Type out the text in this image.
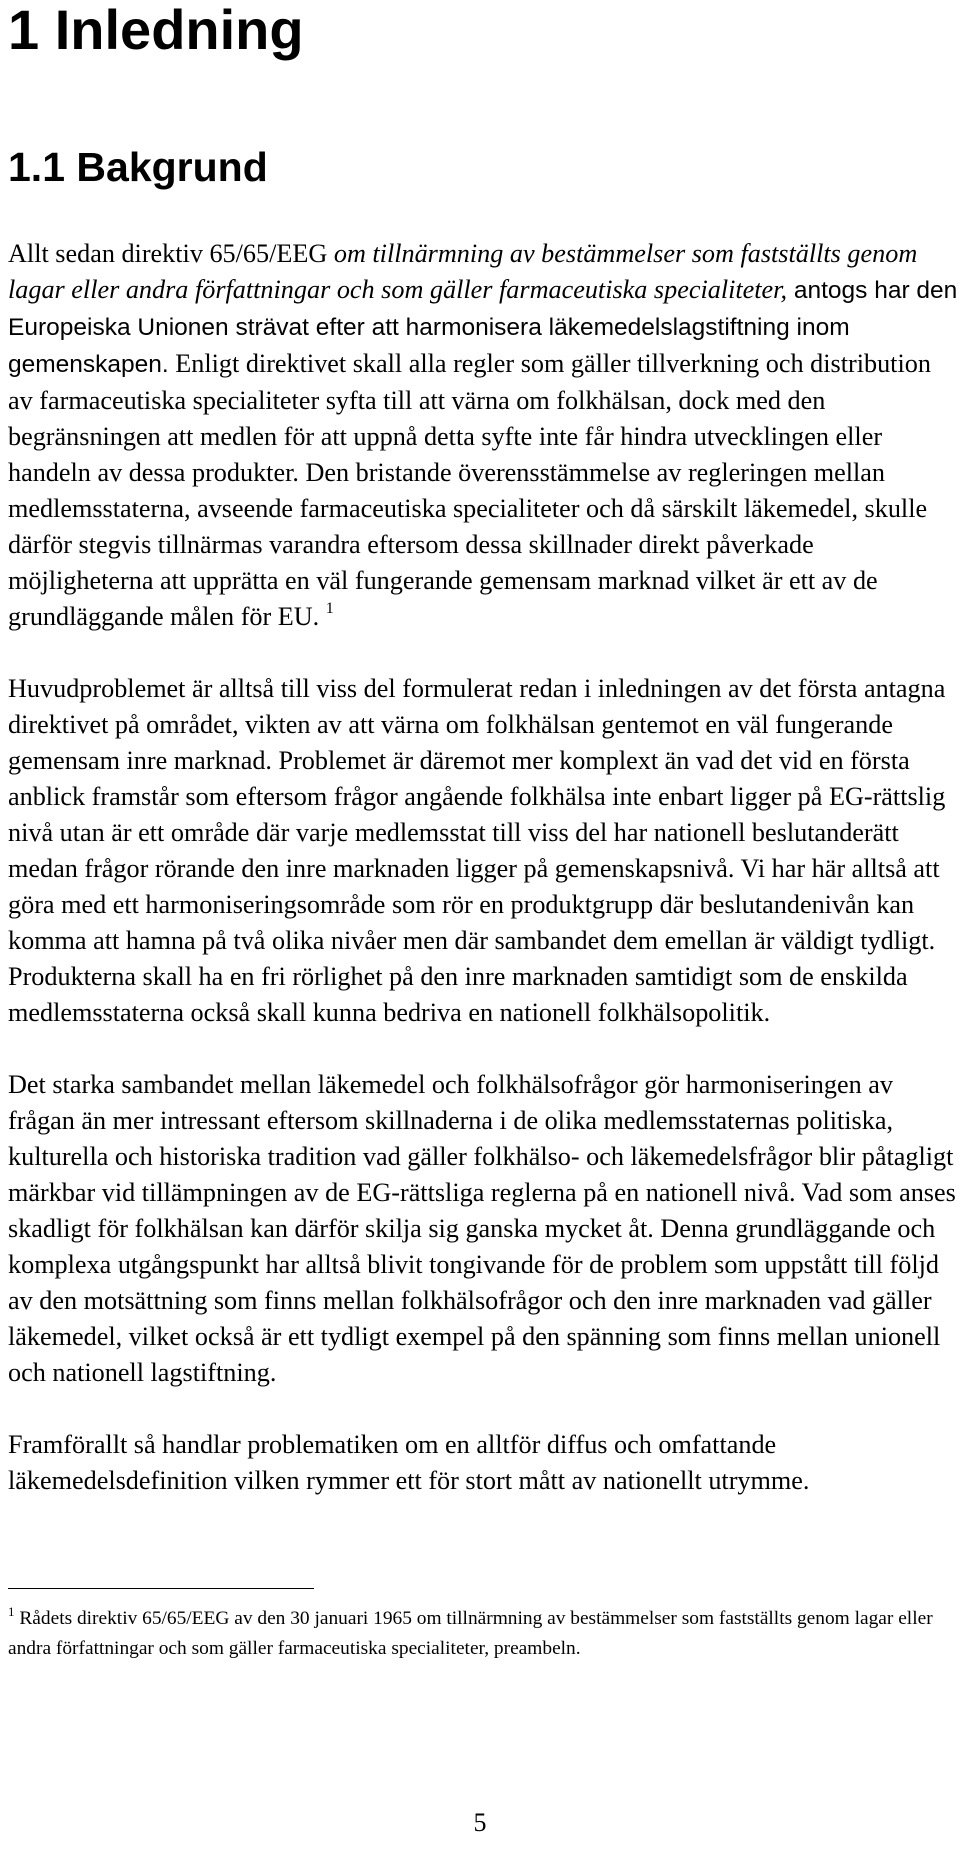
1 Inledning
1.1 Bakgrund

Allt sedan direktiv 65/65/EEG om tillnärmning av bestämmelser som fastställts genom lagar eller andra författningar och som gäller farmaceutiska specialiteter, antogs har den Europeiska Unionen strävat efter att harmonisera läkemedelslagstiftning inom gemenskapen. Enligt direktivet skall alla regler som gäller tillverkning och distribution av farmaceutiska specialiteter syfta till att värna om folkhälsan, dock med den begränsningen att medlen för att uppnå detta syfte inte får hindra utvecklingen eller handeln av dessa produkter. Den bristande överensstämmelse av regleringen mellan medlemsstaterna, avseende farmaceutiska specialiteter och då särskilt läkemedel, skulle därför stegvis tillnärmas varandra eftersom dessa skillnader direkt påverkade möjligheterna att upprätta en väl fungerande gemensam marknad vilket är ett av de grundläggande målen för EU. $^1$

Huvudproblemet är alltså till viss del formulerat redan i inledningen av det första antagna direktivet på området, vikten av att värna om folkhälsan gentemot en väl fungerande gemensam inre marknad. Problemet är däremot mer komplext än vad det vid en första anblick framstår som eftersom frågor angående folkhälsa inte enbart ligger på EG-rättslig nivå utan är ett område där varje medlemsstat till viss del har nationell beslutanderätt medan frågor rörande den inre marknaden ligger på gemenskapsnivå. Vi har här alltså att göra med ett harmoniseringsområde som rör en produktgrupp där beslutandenivån kan komma att hamna på två olika nivåer men där sambandet dem emellan är väldigt tydligt. Produkterna skall ha en fri rörlighet på den inre marknaden samtidigt som de enskilda medlemsstaterna också skall kunna bedriva en nationell folkhälsopolitik.

Det starka sambandet mellan läkemedel och folkhälsofrågor gör harmoniseringen av frågan än mer intressant eftersom skillnaderna i de olika medlemsstaternas politiska, kulturella och historiska tradition vad gäller folkhälso- och läkemedelsfrågor blir påtagligt märkbar vid tillämpningen av de EG-rättsliga reglerna på en nationell nivå. Vad som anses skadligt för folkhälsan kan därför skilja sig ganska mycket åt. Denna grundläggande och komplexa utgångspunkt har alltså blivit tongivande för de problem som uppstått till följd av den motsättning som finns mellan folkhälsofrågor och den inre marknaden vad gäller läkemedel, vilket också är ett tydligt exempel på den spänning som finns mellan unionell och nationell lagstiftning.

Framförallt så handlar problematiken om en alltför diffus och omfattande läkemedelsdefinition vilken rymmer ett för stort mått av nationellt utrymme.

$^1$ Rådets direktiv 65/65/EEG av den 30 januari 1965 om tillnärmning av bestämmelser som fastställts genom lagar eller andra författningar och som gäller farmaceutiska specialiteter, preambeln.
5
